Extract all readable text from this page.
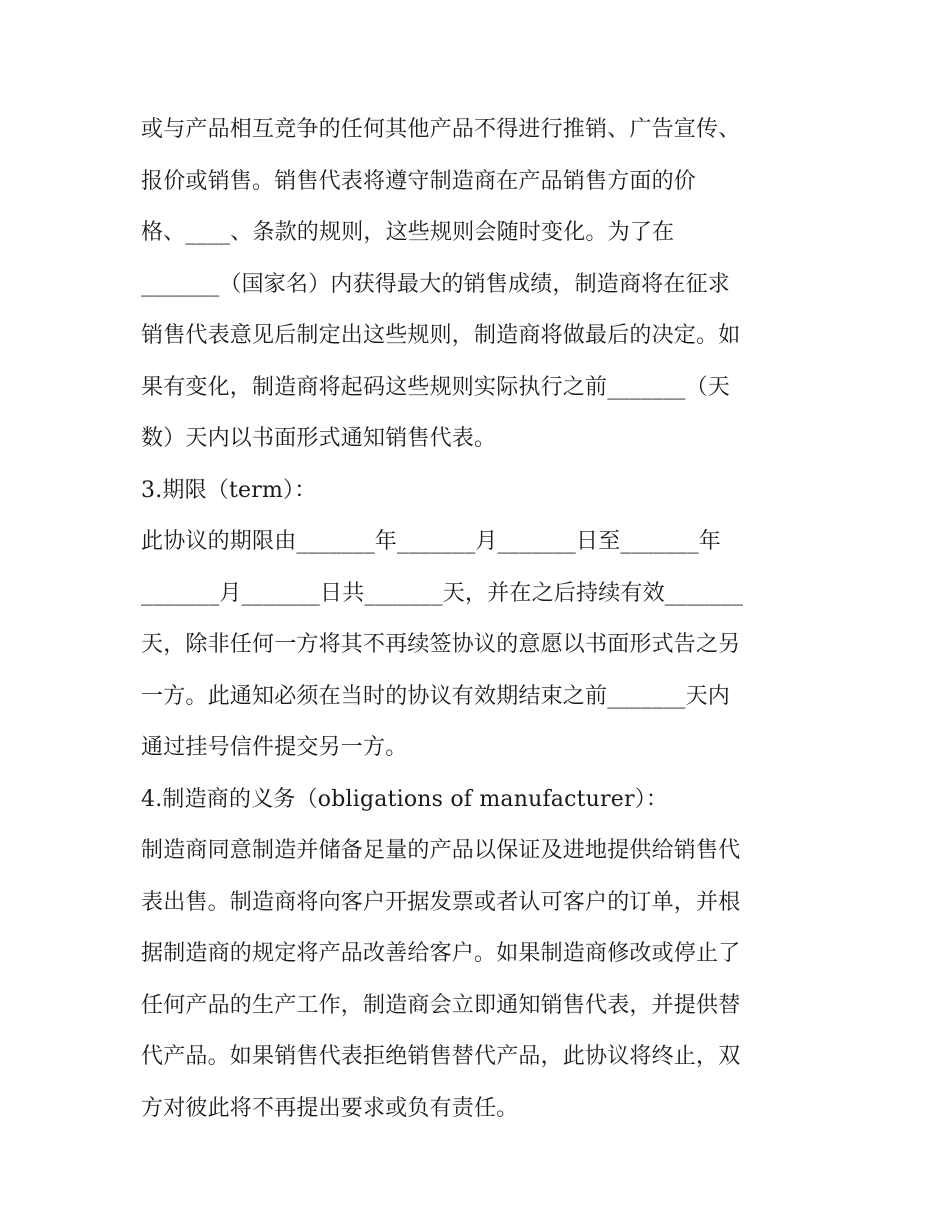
或与产品相互竞争的任何其他产品不得进行推销、广告宣传、
报价或销售。销售代表将遵守制造商在产品销售方面的价
格、____、条款的规则，这些规则会随时变化。为了在
_______（国家名）内获得最大的销售成绩，制造商将在征求
销售代表意见后制定出这些规则，制造商将做最后的决定。如
果有变化，制造商将起码这些规则实际执行之前_______（天
数）天内以书面形式通知销售代表。
3.期限（term）：
此协议的期限由_______年_______月_______日至_______年
_______月_______日共_______天，并在之后持续有效_______
天，除非任何一方将其不再续签协议的意愿以书面形式告之另
一方。此通知必须在当时的协议有效期结束之前_______天内
通过挂号信件提交另一方。
4.制造商的义务（obligations of manufacturer）：
制造商同意制造并储备足量的产品以保证及进地提供给销售代
表出售。制造商将向客户开据发票或者认可客户的订单，并根
据制造商的规定将产品改善给客户。如果制造商修改或停止了
任何产品的生产工作，制造商会立即通知销售代表，并提供替
代产品。如果销售代表拒绝销售替代产品，此协议将终止，双
方对彼此将不再提出要求或负有责任。
